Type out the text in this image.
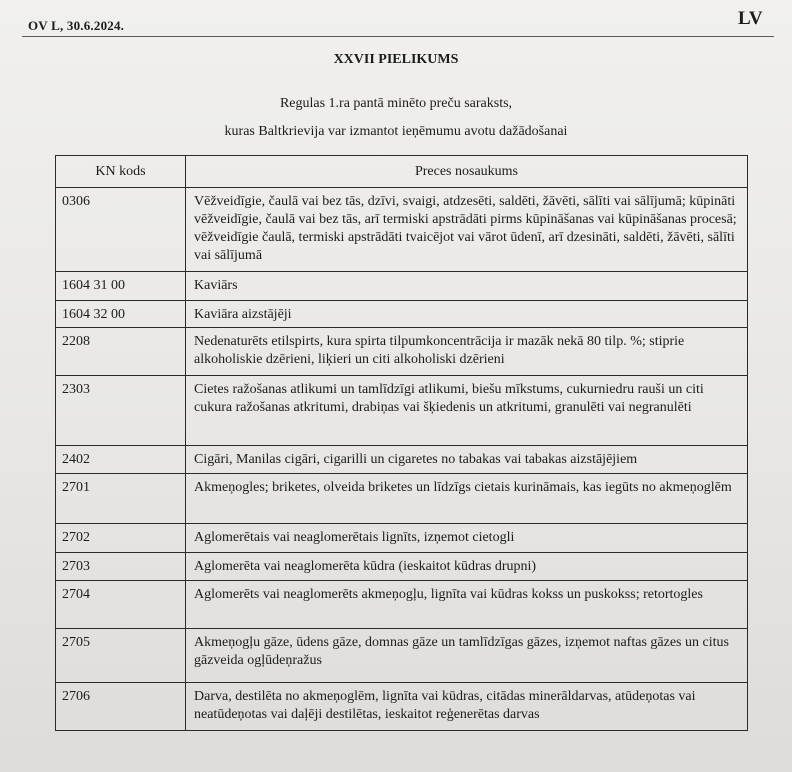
OV L, 30.6.2024.	LV
XXVII PIELIKUMS
Regulas 1.ra pantā minēto preču saraksts,
kuras Baltkrievija var izmantot ieņēmumu avotu dažādošanai
KN kods	Preces nosaukums
0306	Vēžveidīgie, čaulā vai bez tās, dzīvi, svaigi, atdzesēti, saldēti, žāvēti, sālīti vai sālījumā; kūpināti vēžveidīgie, čaulā vai bez tās, arī termiski apstrādāti pirms kūpināšanas vai kūpināšanas procesā; vēžveidīgie čaulā, termiski apstrādāti tvaicējot vai vārot ūdenī, arī dzesināti, saldēti, žāvēti, sālīti vai sālījumā
1604 31 00	Kaviārs
1604 32 00	Kaviāra aizstājēji
2208	Nedenaturēts etilspirts, kura spirta tilpumkoncentrācija ir mazāk nekā 80 tilp. %; stiprie alkoholiskie dzērieni, liķieri un citi alkoholiski dzērieni
2303	Cietes ražošanas atlikumi un tamlīdzīgi atlikumi, biešu mīkstums, cukurniedru rauši un citi cukura ražošanas atkritumi, drabiņas vai šķiedenis un atkritumi, granulēti vai negranulēti
2402	Cigāri, Manilas cigāri, cigarilli un cigaretes no tabakas vai tabakas aizstājējiem
2701	Akmeņogles; briketes, olveida briketes un līdzīgs cietais kurināmais, kas iegūts no akmeņoglēm
2702	Aglomerētais vai neaglomerētais lignīts, izņemot cietogli
2703	Aglomerēta vai neaglomerēta kūdra (ieskaitot kūdras drupni)
2704	Aglomerēts vai neaglomerēts akmeņogļu, lignīta vai kūdras kokss un puskokss; retortogles
2705	Akmeņogļu gāze, ūdens gāze, domnas gāze un tamlīdzīgas gāzes, izņemot naftas gāzes un citus gāzveida ogļūdeņražus
2706	Darva, destilēta no akmeņoglēm, lignīta vai kūdras, citādas minerāldarvas, atūdeņotas vai neatūdeņotas vai daļēji destilētas, ieskaitot reģenerētas darvas
